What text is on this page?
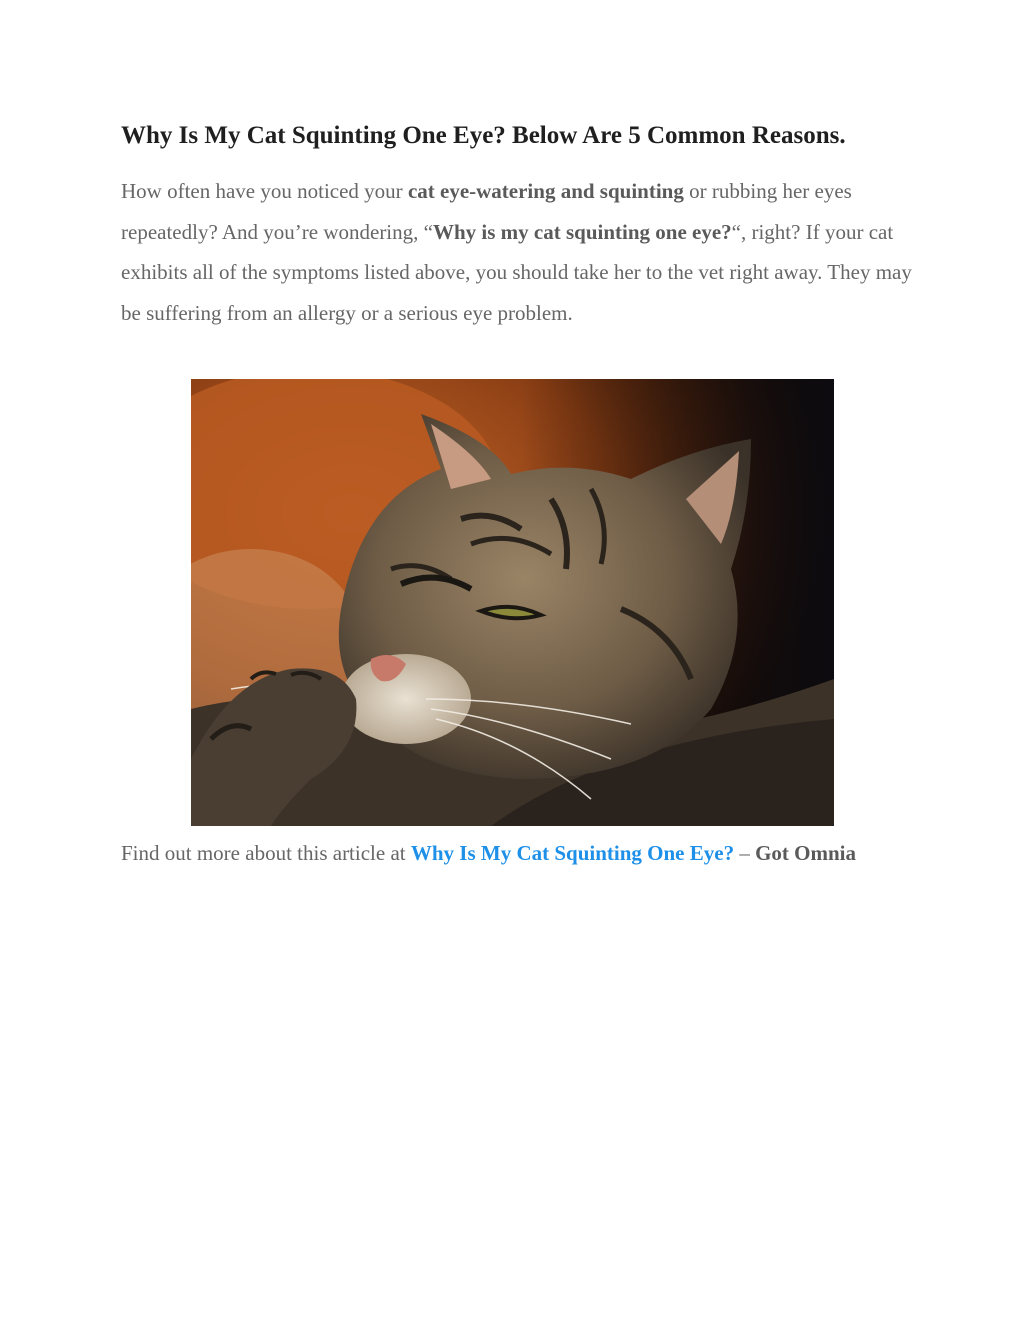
Why Is My Cat Squinting One Eye? Below Are 5 Common Reasons.

How often have you noticed your cat eye-watering and squinting or rubbing her eyes repeatedly? And you’re wondering, “Why is my cat squinting one eye?“, right? If your cat exhibits all of the symptoms listed above, you should take her to the vet right away. They may be suffering from an allergy or a serious eye problem.

Find out more about this article at Why Is My Cat Squinting One Eye? – Got Omnia
